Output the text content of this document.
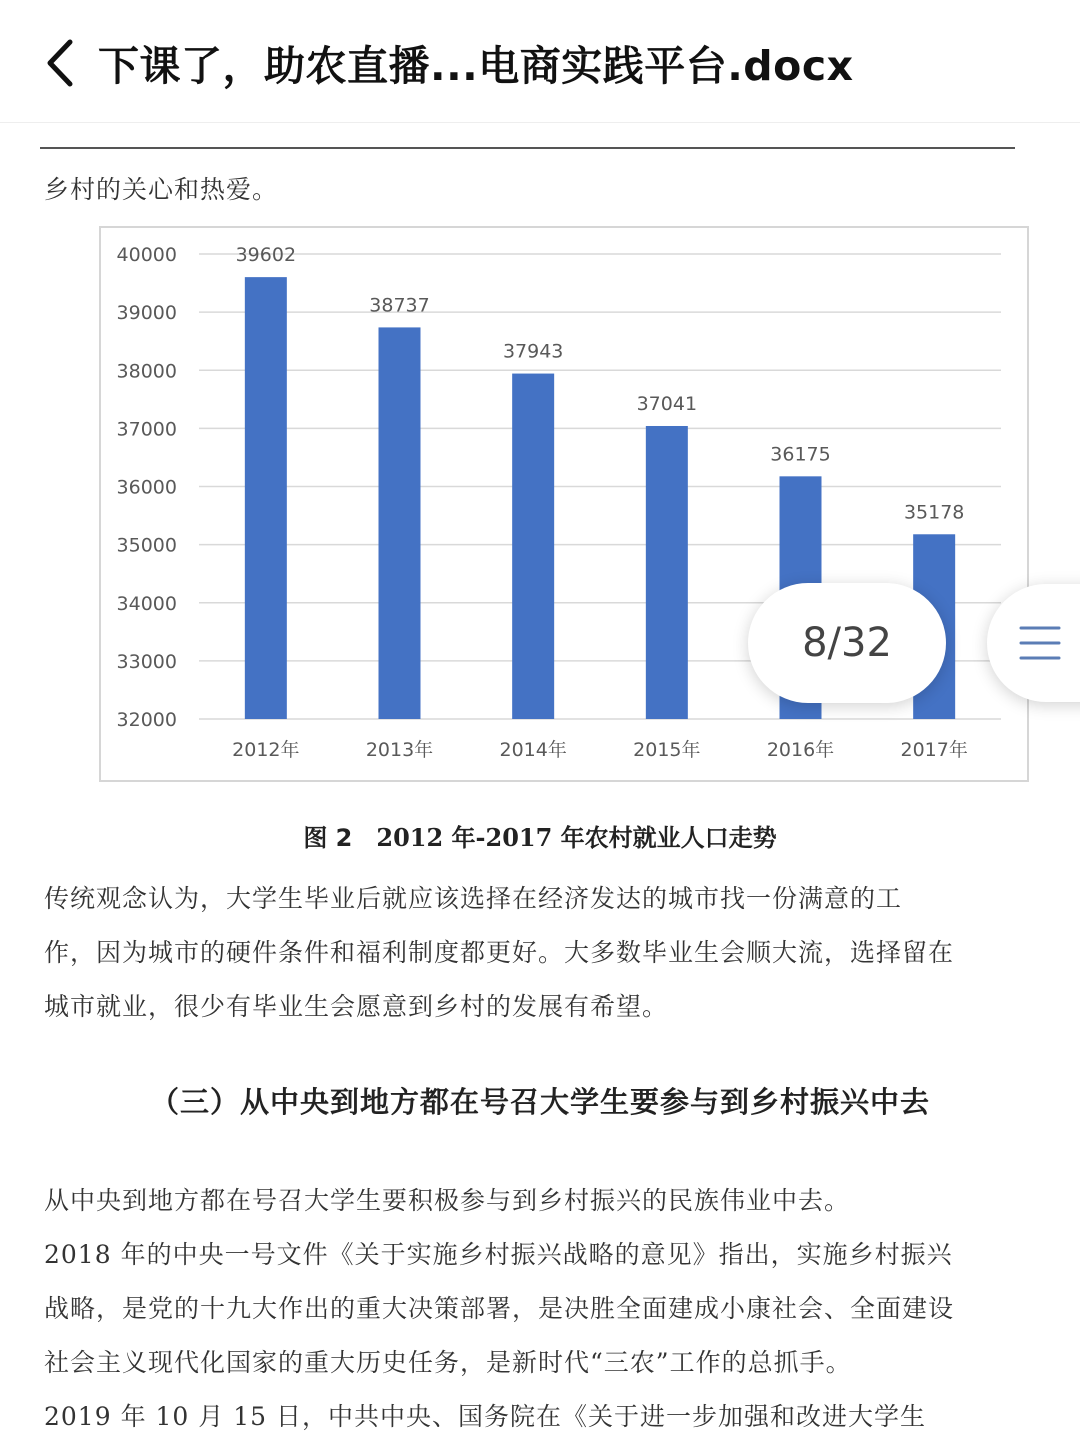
下课了，助农直播...电商实践平台.docx
乡村的关心和热爱。
32000
33000
34000
35000
36000
37000
38000
39000
40000	39602
2012年
38737
2013年
37943
2014年
37041
2015年
36175
2016年
35178
2017年
图 2 2012 年-2017 年农村就业人口走势
传统观念认为，大学生毕业后就应该选择在经济发达的城市找一份满意的工
作，因为城市的硬件条件和福利制度都更好。大多数毕业生会顺大流，选择留在
城市就业，很少有毕业生会愿意到乡村的发展有希望。
（三）从中央到地方都在号召大学生要参与到乡村振兴中去
从中央到地方都在号召大学生要积极参与到乡村振兴的民族伟业中去。
2018 年的中央一号文件《关于实施乡村振兴战略的意见》指出，实施乡村振兴
战略，是党的十九大作出的重大决策部署，是决胜全面建成小康社会、全面建设
社会主义现代化国家的重大历史任务，是新时代“三农”工作的总抓手。
2019 年 10 月 15 日，中共中央、国务院在《关于进一步加强和改进大学生
8/32
